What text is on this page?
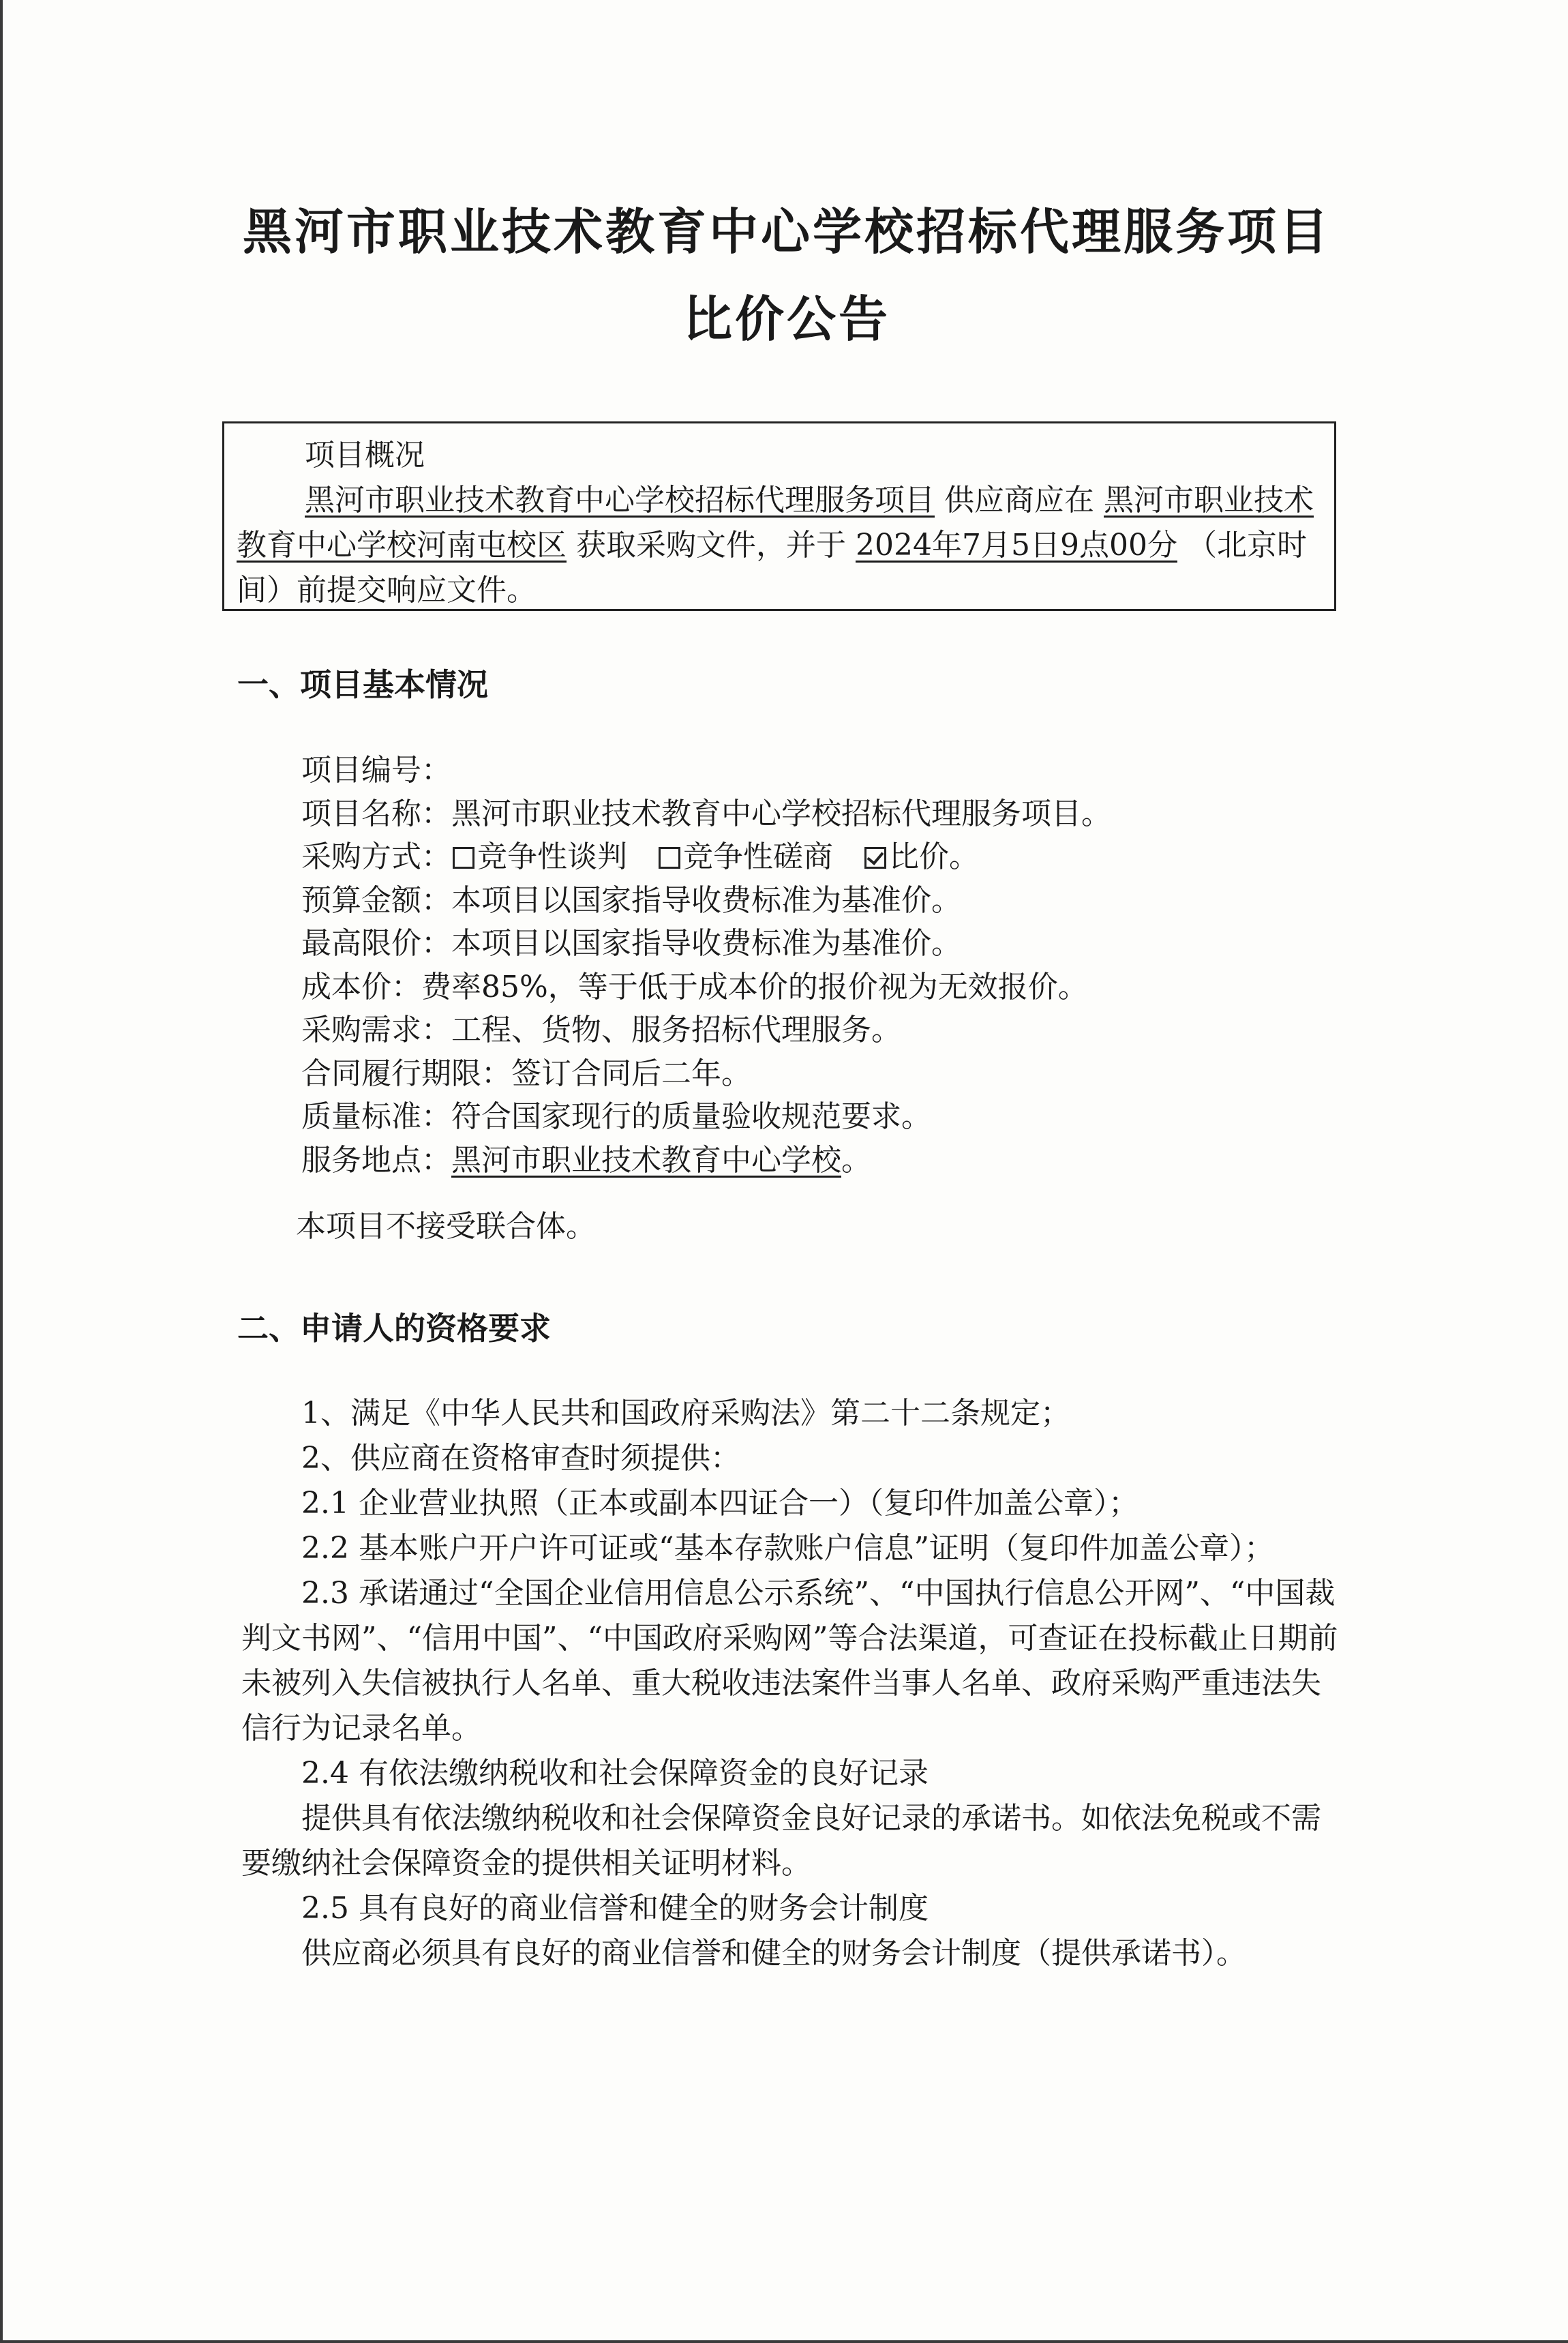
黑河市职业技术教育中心学校招标代理服务项目
比价公告
项目概况
黑河市职业技术教育中心学校招标代理服务项目 供应商应在 黑河市职业技术教育中心学校河南屯校区 获取采购文件，并于 2024年7月5日9点00分 （北京时间）前提交响应文件。
一、项目基本情况
项目编号：
项目名称：黑河市职业技术教育中心学校招标代理服务项目。
采购方式： 竞争性谈判 竞争性磋商 比价。
预算金额：本项目以国家指导收费标准为基准价。
最高限价：本项目以国家指导收费标准为基准价。
成本价：费率85%，等于低于成本价的报价视为无效报价。
采购需求：工程、货物、服务招标代理服务。
合同履行期限：签订合同后二年。
质量标准：符合国家现行的质量验收规范要求。
服务地点：黑河市职业技术教育中心学校。
本项目不接受联合体。
二、申请人的资格要求
1、满足《中华人民共和国政府采购法》第二十二条规定；
2、供应商在资格审查时须提供：
2.1 企业营业执照（正本或副本四证合一）（复印件加盖公章）；
2.2 基本账户开户许可证或“基本存款账户信息”证明（复印件加盖公章）；
2.3 承诺通过“全国企业信用信息公示系统”、“中国执行信息公开网”、“中国裁判文书网”、“信用中国”、“中国政府采购网”等合法渠道，可查证在投标截止日期前未被列入失信被执行人名单、重大税收违法案件当事人名单、政府采购严重违法失信行为记录名单。
2.4 有依法缴纳税收和社会保障资金的良好记录
提供具有依法缴纳税收和社会保障资金良好记录的承诺书。如依法免税或不需要缴纳社会保障资金的提供相关证明材料。
2.5 具有良好的商业信誉和健全的财务会计制度
供应商必须具有良好的商业信誉和健全的财务会计制度（提供承诺书）。
